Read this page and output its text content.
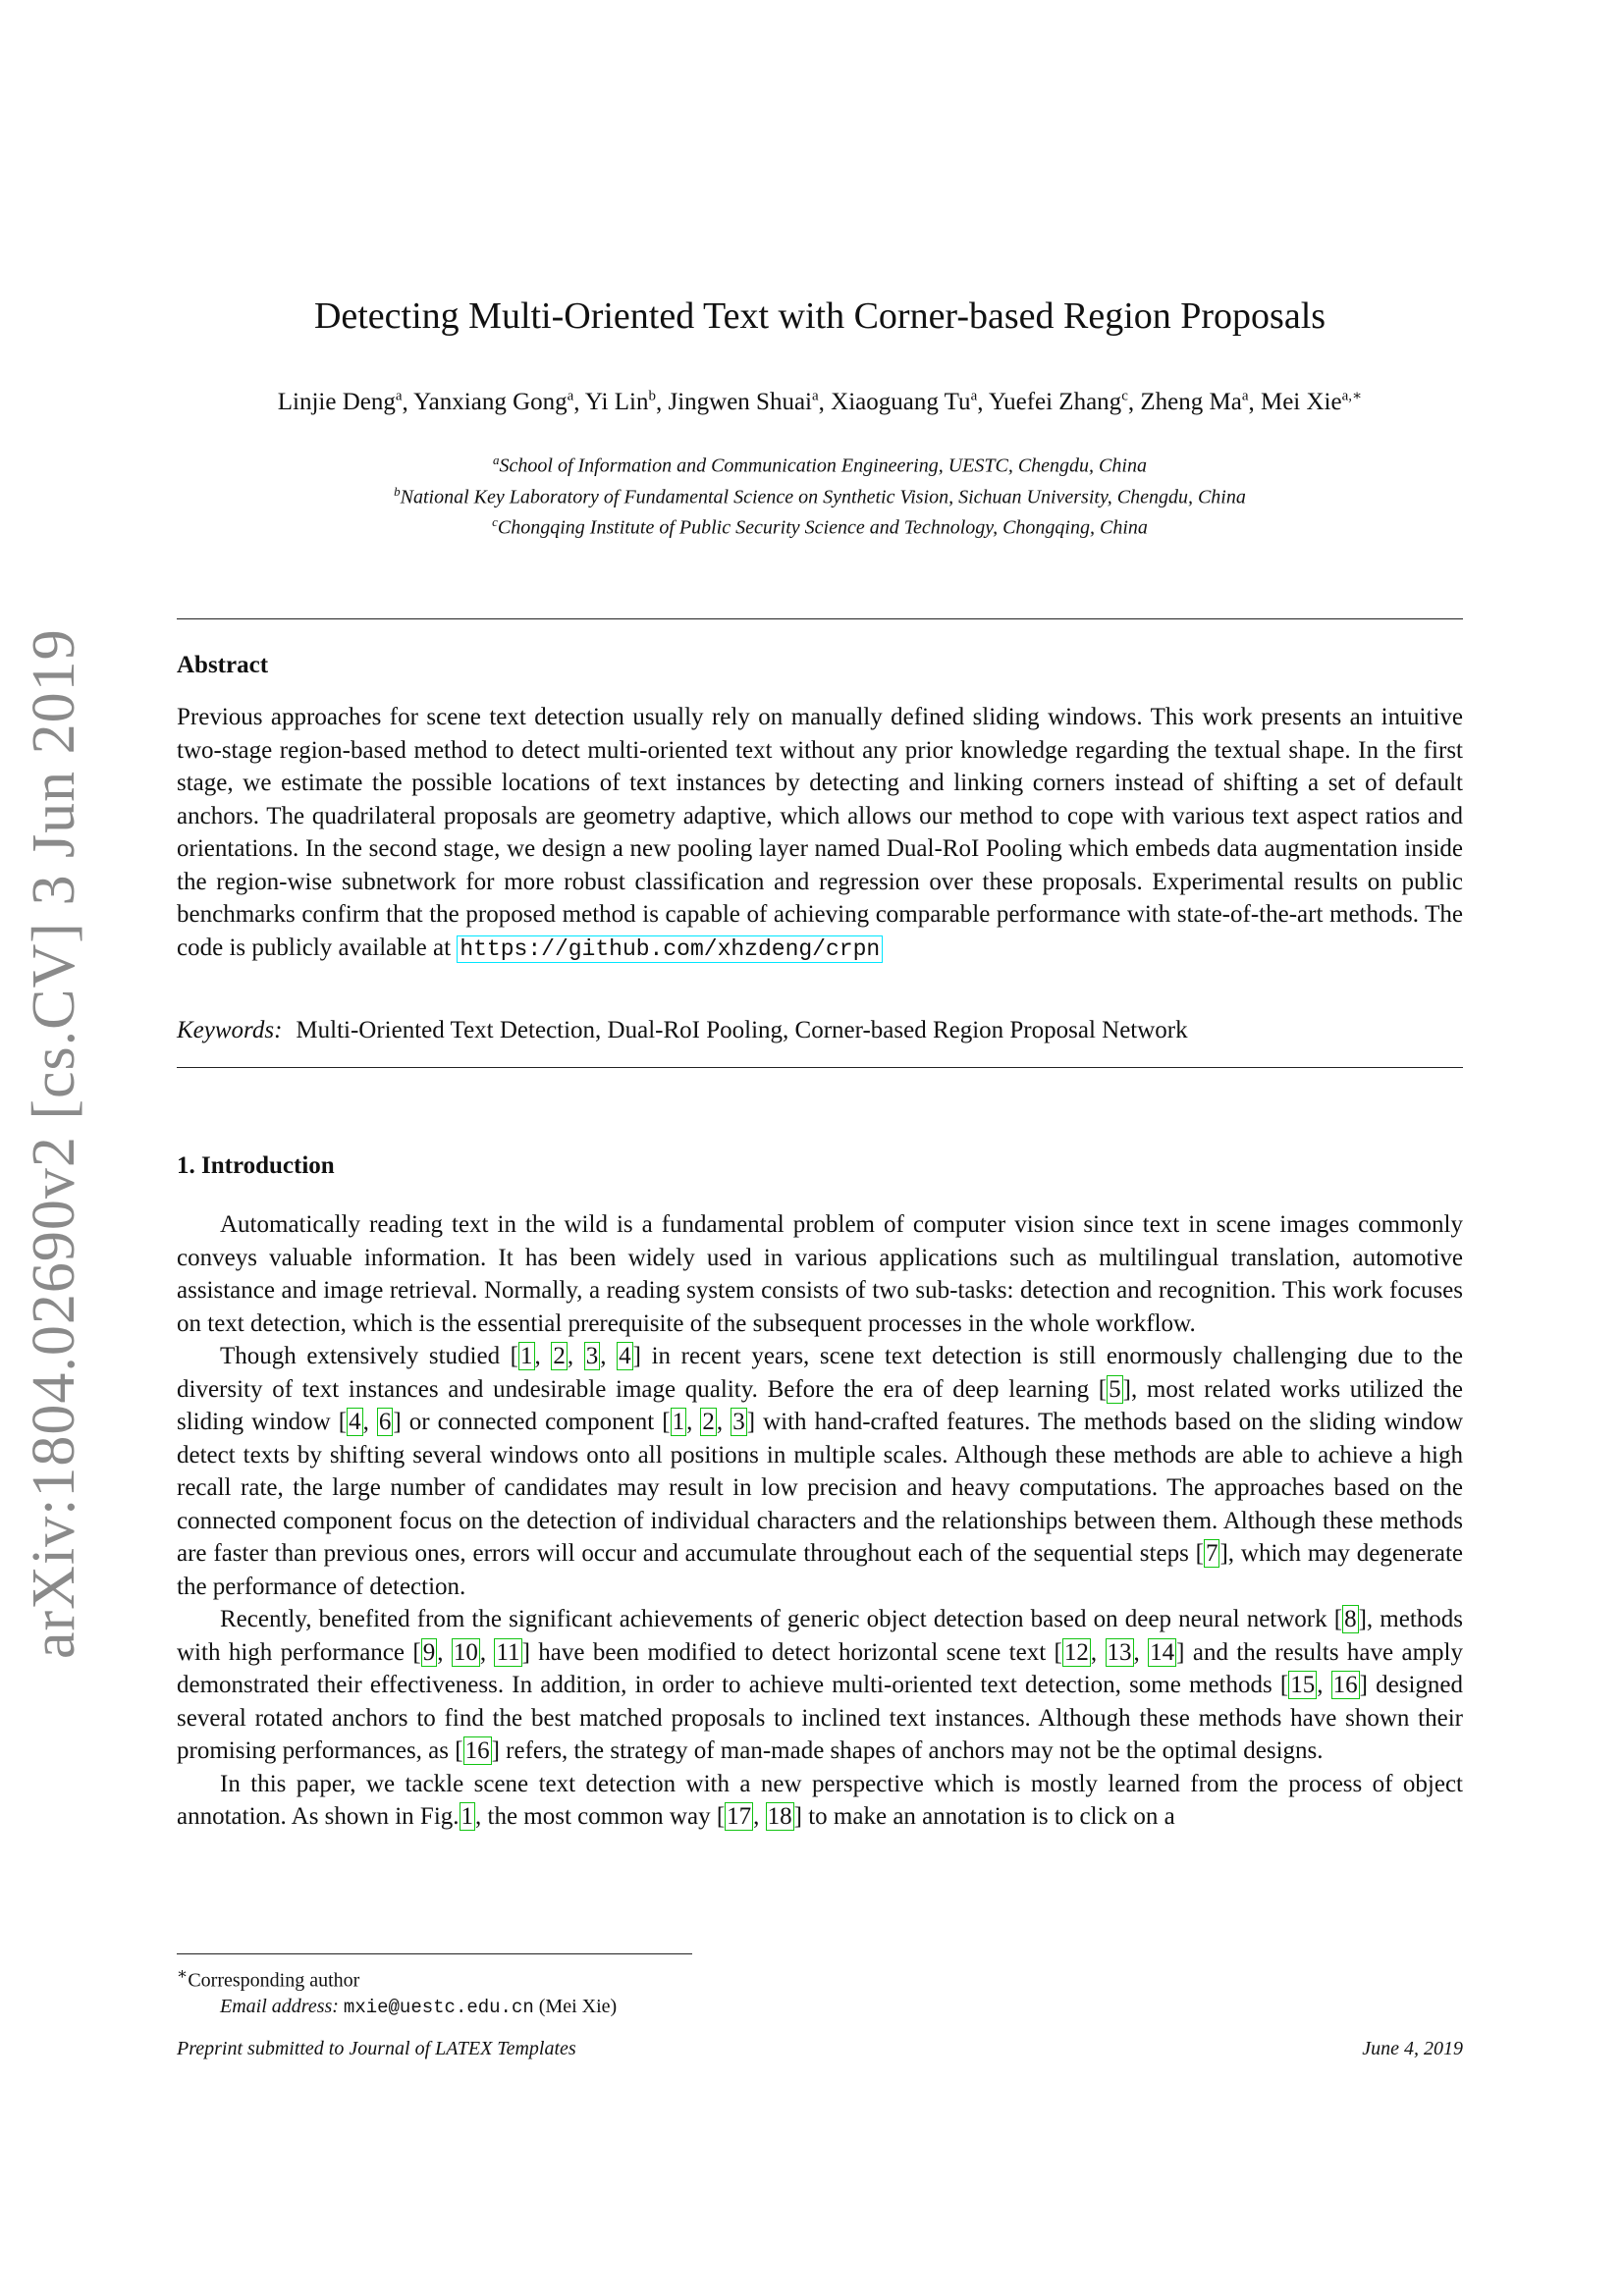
arXiv:1804.02690v2 [cs.CV] 3 Jun 2019
Detecting Multi-Oriented Text with Corner-based Region Proposals
Linjie Deng$^a$, Yanxiang Gong$^a$, Yi Lin$^b$, Jingwen Shuai$^a$, Xiaoguang Tu$^a$, Yuefei Zhang$^c$, Zheng Ma$^a$, Mei Xie$^{a,∗}$
$^a$School of Information and Communication Engineering, UESTC, Chengdu, China
$^b$National Key Laboratory of Fundamental Science on Synthetic Vision, Sichuan University, Chengdu, China
$^c$Chongqing Institute of Public Security Science and Technology, Chongqing, China
Abstract
Previous approaches for scene text detection usually rely on manually defined sliding windows. This work presents an intuitive two-stage region-based method to detect multi-oriented text without any prior knowledge regarding the textual shape. In the first stage, we estimate the possible locations of text instances by detecting and linking corners instead of shifting a set of default anchors. The quadrilateral proposals are geometry adaptive, which allows our method to cope with various text aspect ratios and orientations. In the second stage, we design a new pooling layer named Dual-RoI Pooling which embeds data augmentation inside the region-wise subnetwork for more robust classification and regression over these proposals. Experimental results on public benchmarks confirm that the proposed method is capable of achieving comparable performance with state-of-the-art methods. The code is publicly available at https://github.com/xhzdeng/crpn
Keywords: Multi-Oriented Text Detection, Dual-RoI Pooling, Corner-based Region Proposal Network
1. Introduction

Automatically reading text in the wild is a fundamental problem of computer vision since text in scene images commonly conveys valuable information. It has been widely used in various applications such as multilingual translation, automotive assistance and image retrieval. Normally, a reading system consists of two sub-tasks: detection and recognition. This work focuses on text detection, which is the essential prerequisite of the subsequent processes in the whole workflow.

Though extensively studied [1, 2, 3, 4] in recent years, scene text detection is still enormously challenging due to the diversity of text instances and undesirable image quality. Before the era of deep learning [5], most related works utilized the sliding window [4, 6] or connected component [1, 2, 3] with hand-crafted features. The methods based on the sliding window detect texts by shifting several windows onto all positions in multiple scales. Although these methods are able to achieve a high recall rate, the large number of candidates may result in low precision and heavy computations. The approaches based on the connected component focus on the detection of individual characters and the relationships between them. Although these methods are faster than previous ones, errors will occur and accumulate throughout each of the sequential steps [7], which may degenerate the performance of detection.

Recently, benefited from the significant achievements of generic object detection based on deep neural network [8], methods with high performance [9, 10, 11] have been modified to detect horizontal scene text [12, 13, 14] and the results have amply demonstrated their effectiveness. In addition, in order to achieve multi-oriented text detection, some methods [15, 16] designed several rotated anchors to find the best matched proposals to inclined text instances. Although these methods have shown their promising performances, as [16] refers, the strategy of man-made shapes of anchors may not be the optimal designs.

In this paper, we tackle scene text detection with a new perspective which is mostly learned from the process of object annotation. As shown in Fig.1, the most common way [17, 18] to make an annotation is to click on a

∗Corresponding author
Email address: mxie@uestc.edu.cn (Mei Xie)
Preprint submitted to Journal of LATEX Templates	June 4, 2019
